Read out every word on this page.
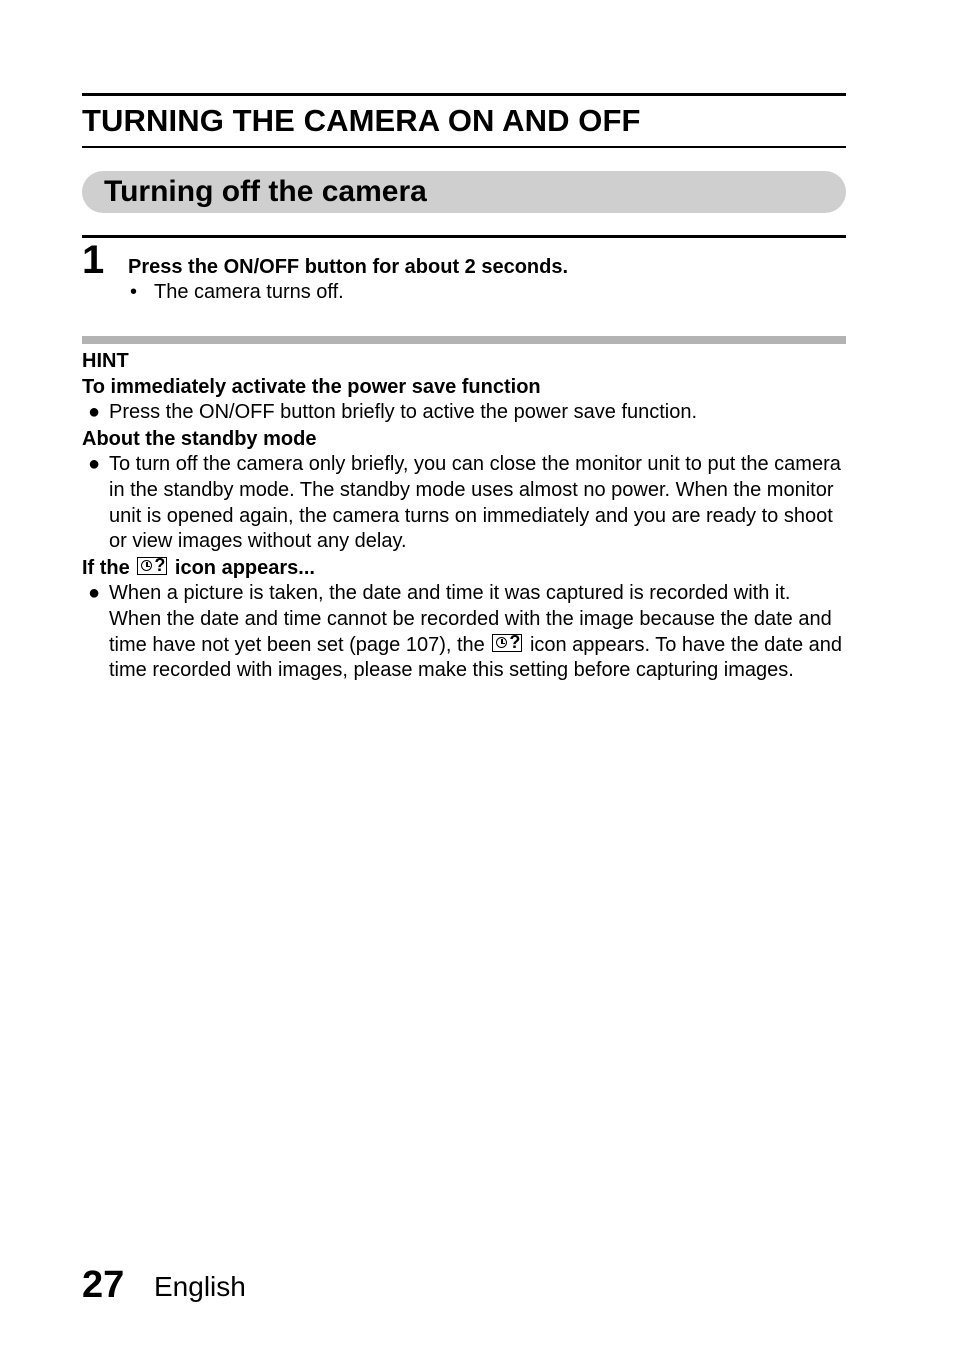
TURNING THE CAMERA ON AND OFF
Turning off the camera
1 Press the ON/OFF button for about 2 seconds.
• The camera turns off.
HINT
To immediately activate the power save function
● Press the ON/OFF button briefly to active the power save function.
About the standby mode
● To turn off the camera only briefly, you can close the monitor unit to put the camera in the standby mode. The standby mode uses almost no power. When the monitor unit is opened again, the camera turns on immediately and you are ready to shoot or view images without any delay.
If the ? icon appears...
● When a picture is taken, the date and time it was captured is recorded with it. When the date and time cannot be recorded with the image because the date and time have not yet been set (page 107), the ? icon appears. To have the date and time recorded with images, please make this setting before capturing images.
27 English
